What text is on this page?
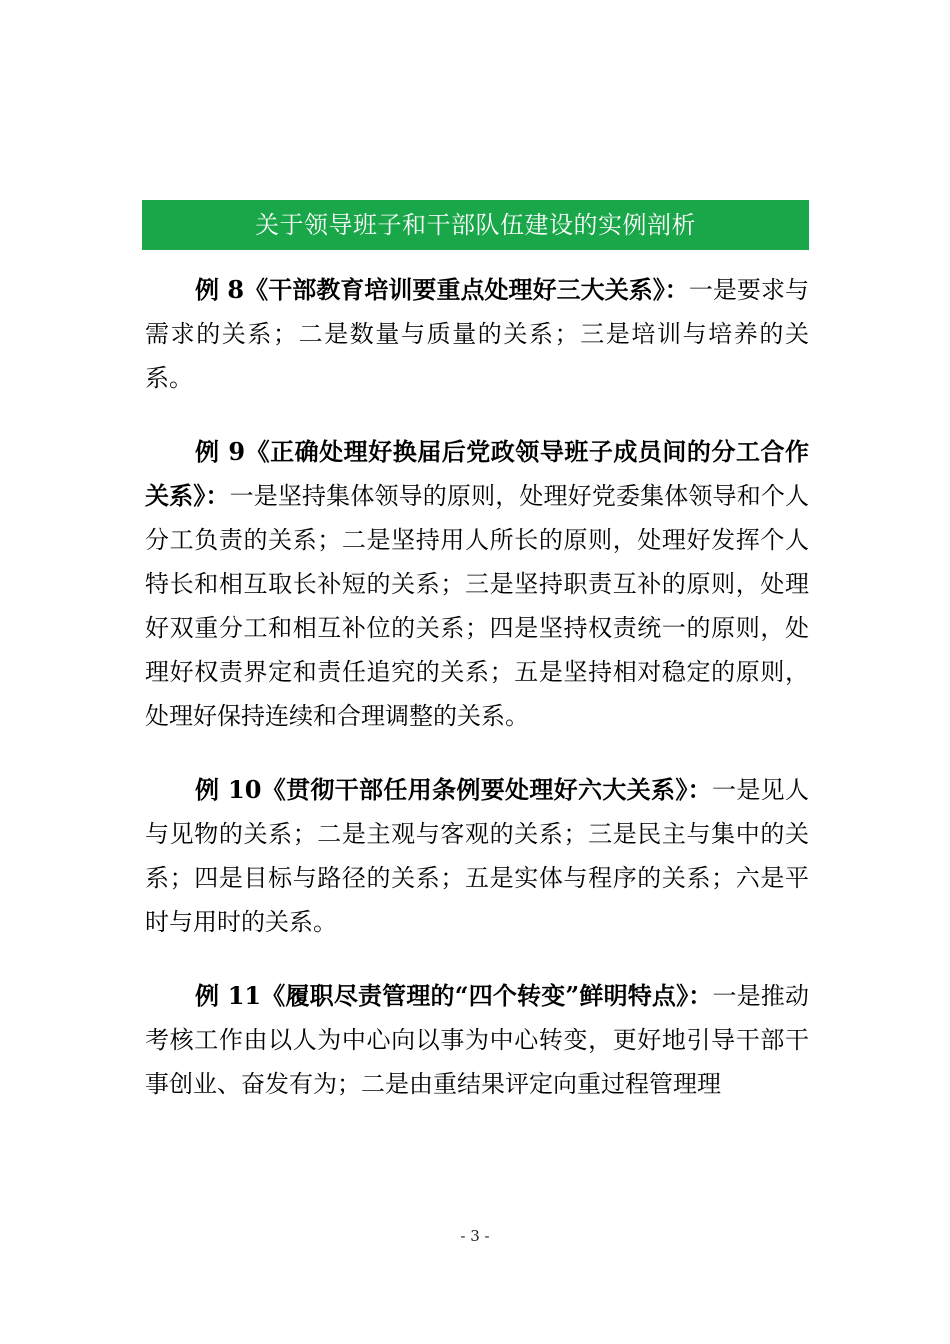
关于领导班子和干部队伍建设的实例剖析

例 8《干部教育培训要重点处理好三大关系》：一是要求与需求的关系；二是数量与质量的关系；三是培训与培养的关系。

例 9《正确处理好换届后党政领导班子成员间的分工合作关系》：一是坚持集体领导的原则，处理好党委集体领导和个人分工负责的关系；二是坚持用人所长的原则，处理好发挥个人特长和相互取长补短的关系；三是坚持职责互补的原则，处理好双重分工和相互补位的关系；四是坚持权责统一的原则，处理好权责界定和责任追究的关系；五是坚持相对稳定的原则，处理好保持连续和合理调整的关系。

例 10《贯彻干部任用条例要处理好六大关系》：一是见人与见物的关系；二是主观与客观的关系；三是民主与集中的关系；四是目标与路径的关系；五是实体与程序的关系；六是平时与用时的关系。

例 11《履职尽责管理的“四个转变”鲜明特点》：一是推动考核工作由以人为中心向以事为中心转变，更好地引导干部干事创业、奋发有为；二是由重结果评定向重过程管理理

- 3 -
